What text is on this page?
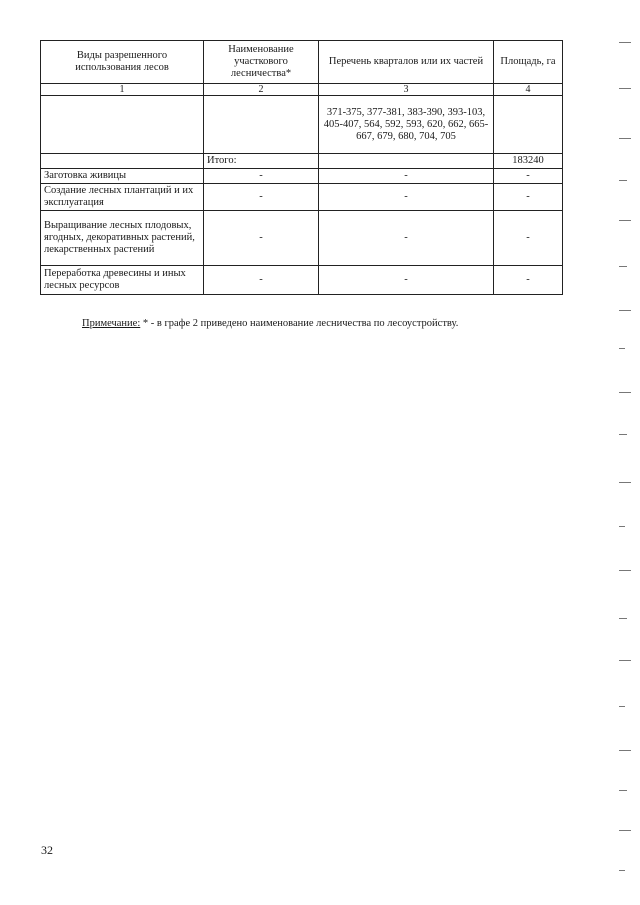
Виды разрешенного использования лесов	Наименование участкового лесничества*	Перечень кварталов или их частей	Площадь, га
1	2	3	4
		371-375, 377-381, 383-390, 393-103, 405-407, 564, 592, 593, 620, 662, 665-667, 679, 680, 704, 705	
	Итого:		183240
Заготовка живицы	-	-	-
Создание лесных плантаций и их эксплуатация	-	-	-
Выращивание лесных плодовых, ягодных, декоративных растений, лекарственных растений	-	-	-
Переработка древесины и иных лесных ресурсов	-	-	-
Примечание: * - в графе 2 приведено наименование лесничества по лесоустройству.
32
